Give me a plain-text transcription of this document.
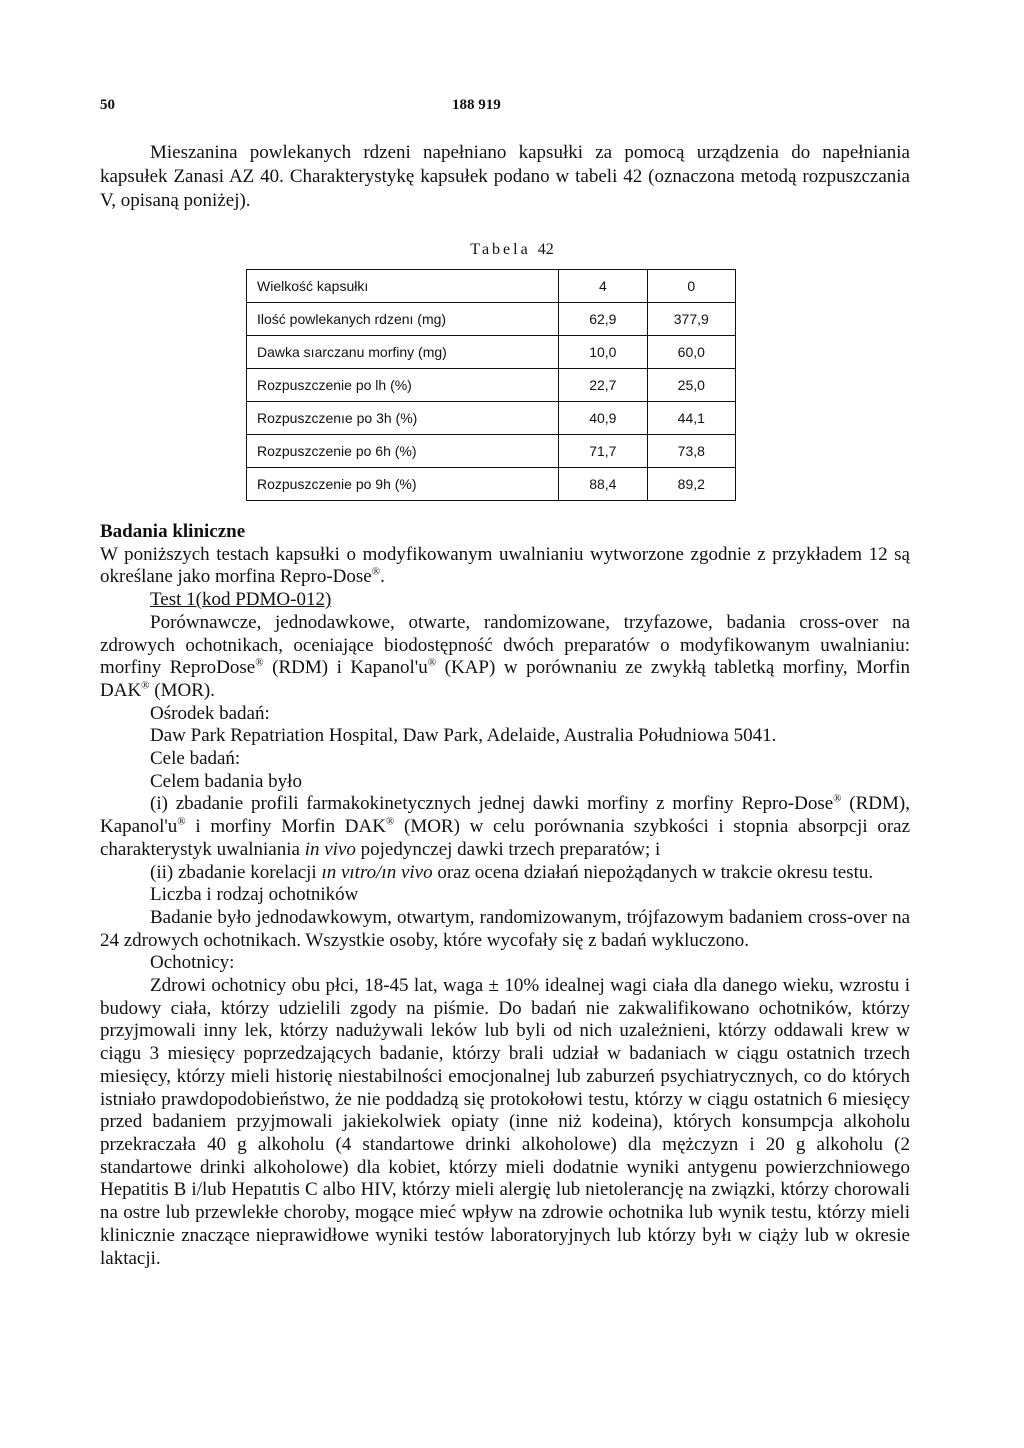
50	188 919

Mieszanina powlekanych rdzeni napełniano kapsułki za pomocą urządzenia do napełniania kapsułek Zanasi AZ 40. Charakterystykę kapsułek podano w tabeli 42 (oznaczona metodą rozpuszczania V, opisaną poniżej).

Tabela 42
Wielkość kapsułkı	4	0
Ilość powlekanych rdzenı (mg)	62,9	377,9
Dawka sıarczanu morfiny (mg)	10,0	60,0
Rozpuszczenie po lh (%)	22,7	25,0
Rozpuszczenıe po 3h (%)	40,9	44,1
Rozpuszczenie po 6h (%)	71,7	73,8
Rozpuszczenie po 9h (%)	88,4	89,2

Badania kliniczne

W poniższych testach kapsułki o modyfikowanym uwalnianiu wytworzone zgodnie z przykładem 12 są określane jako morfina Repro-Dose®.

Test 1(kod PDMO-012)

Porównawcze, jednodawkowe, otwarte, randomizowane, trzyfazowe, badania cross-over na zdrowych ochotnikach, oceniające biodostępność dwóch preparatów o modyfikowanym uwalnianiu: morfiny ReproDose® (RDM) i Kapanol'u® (KAP) w porównaniu ze zwykłą tabletką morfiny, Morfin DAK® (MOR).

Ośrodek badań:

Daw Park Repatriation Hospital, Daw Park, Adelaide, Australia Południowa 5041.

Cele badań:

Celem badania było

(i) zbadanie profili farmakokinetycznych jednej dawki morfiny z morfiny Repro-Dose® (RDM), Kapanol'u® i morfiny Morfin DAK® (MOR) w celu porównania szybkości i stopnia absorpcji oraz charakterystyk uwalniania in vivo pojedynczej dawki trzech preparatów; i

(ii) zbadanie korelacji ın vıtro/ın vivo oraz ocena działań niepożądanych w trakcie okresu testu.

Liczba i rodzaj ochotników

Badanie było jednodawkowym, otwartym, randomizowanym, trójfazowym badaniem cross-over na 24 zdrowych ochotnikach. Wszystkie osoby, które wycofały się z badań wykluczono.

Ochotnicy:

Zdrowi ochotnicy obu płci, 18-45 lat, waga ± 10% idealnej wagi ciała dla danego wieku, wzrostu i budowy ciała, którzy udzielili zgody na piśmie. Do badań nie zakwalifikowano ochotników, którzy przyjmowali inny lek, którzy nadużywali leków lub byli od nich uzależnieni, którzy oddawali krew w ciągu 3 miesięcy poprzedzających badanie, którzy brali udział w badaniach w ciągu ostatnich trzech miesięcy, którzy mieli historię niestabilności emocjonalnej lub zaburzeń psychiatrycznych, co do których istniało prawdopodobieństwo, że nie poddadzą się protokołowi testu, którzy w ciągu ostatnich 6 miesięcy przed badaniem przyjmowali jakiekolwiek opiaty (inne niż kodeina), których konsumpcja alkoholu przekraczała 40 g alkoholu (4 standartowe drinki alkoholowe) dla mężczyzn i 20 g alkoholu (2 standartowe drinki alkoholowe) dla kobiet, którzy mieli dodatnie wyniki antygenu powierzchniowego Hepatitis B i/lub Hepatıtis C albo HIV, którzy mieli alergię lub nietolerancję na związki, którzy chorowali na ostre lub przewlekłe choroby, mogące mieć wpływ na zdrowie ochotnika lub wynik testu, którzy mieli klinicznie znaczące nieprawidłowe wyniki testów laboratoryjnych lub którzy byłı w ciąży lub w okresie laktacji.
